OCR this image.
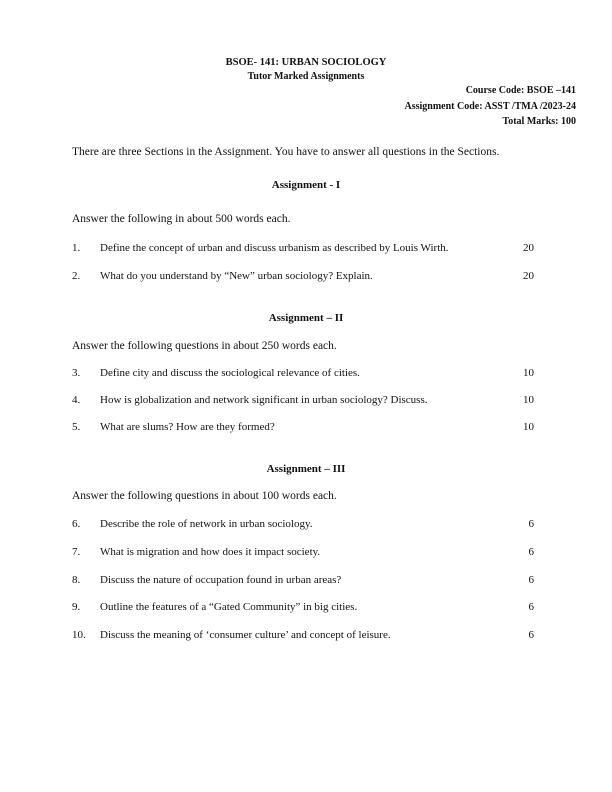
BSOE- 141: URBAN SOCIOLOGY
Tutor Marked Assignments
Course Code: BSOE –141
Assignment Code: ASST /TMA /2023-24
Total Marks: 100
There are three Sections in the Assignment. You have to answer all questions in the Sections.
Assignment - I
Answer the following in about 500 words each.
1. Define the concept of urban and discuss urbanism as described by Louis Wirth.	20
2. What do you understand by “New” urban sociology? Explain.	20
Assignment – II
Answer the following questions in about 250 words each.
3. Define city and discuss the sociological relevance of cities.	10
4. How is globalization and network significant in urban sociology? Discuss.	10
5. What are slums? How are they formed?	10
Assignment – III
Answer the following questions in about 100 words each.
6. Describe the role of network in urban sociology.	6
7. What is migration and how does it impact society.	6
8. Discuss the nature of occupation found in urban areas?	6
9. Outline the features of a “Gated Community” in big cities.	6
10. Discuss the meaning of ‘consumer culture’ and concept of leisure.	6
